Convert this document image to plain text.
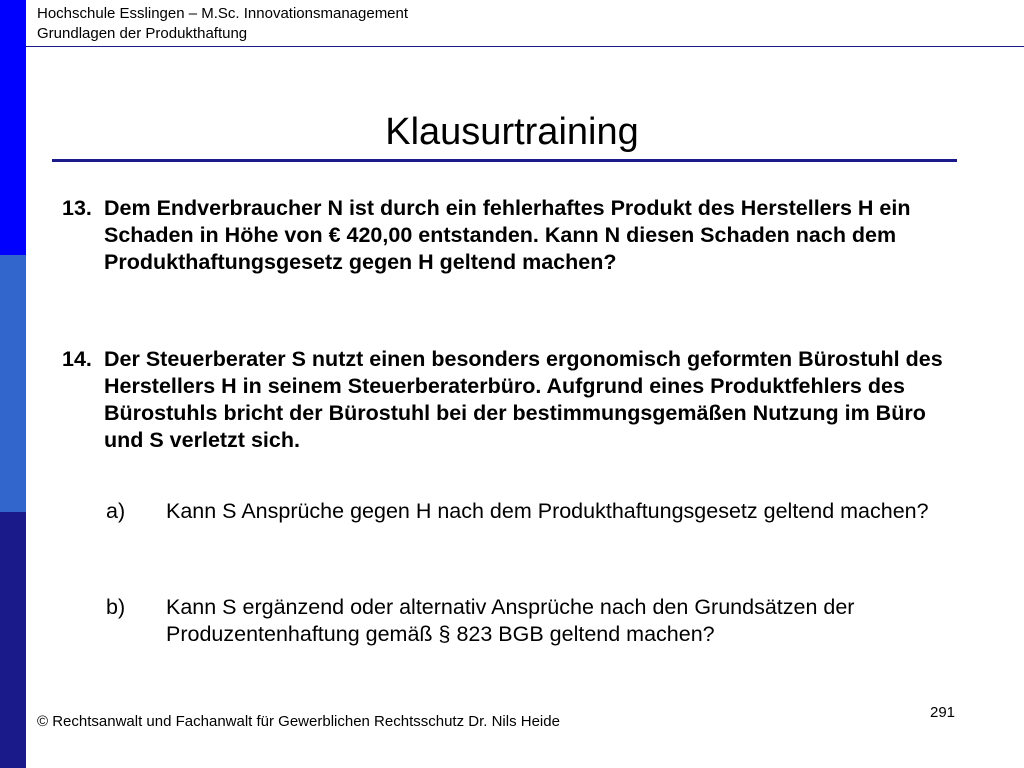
Hochschule Esslingen – M.Sc. Innovationsmanagement
Grundlagen der Produkthaftung
Klausurtraining
13. Dem Endverbraucher N ist durch ein fehlerhaftes Produkt des Herstellers H ein Schaden in Höhe von € 420,00 entstanden. Kann N diesen Schaden nach dem Produkthaftungsgesetz gegen H geltend machen?
14. Der Steuerberater S nutzt einen besonders ergonomisch geformten Bürostuhl des Herstellers H in seinem Steuerberaterbüro. Aufgrund eines Produktfehlers des Bürostuhls bricht der Bürostuhl bei der bestimmungsgemäßen Nutzung im Büro und S verletzt sich.
a)	Kann S Ansprüche gegen H nach dem Produkthaftungsgesetz geltend machen?
b)	Kann S ergänzend oder alternativ Ansprüche nach den Grundsätzen der Produzentenhaftung gemäß § 823 BGB geltend machen?
291
© Rechtsanwalt und Fachanwalt für Gewerblichen Rechtsschutz Dr. Nils Heide
